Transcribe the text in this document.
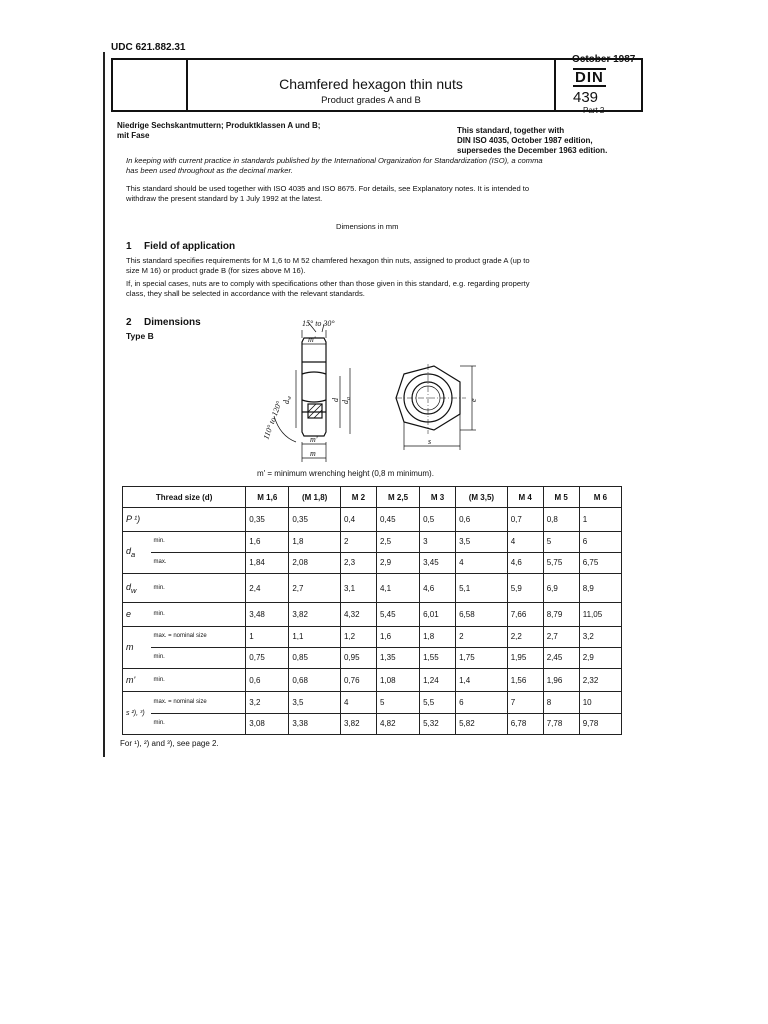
UDC 621.882.31
October 1987
Chamfered hexagon thin nuts
Product grades A and B
DIN
439
Part 2
Niedrige Sechskantmuttern; Produktklassen A und B;
mit Fase
This standard, together with
DIN ISO 4035, October 1987 edition,
supersedes the December 1963 edition.
In keeping with current practice in standards published by the International Organization for Standardization (ISO), a comma
has been used throughout as the decimal marker.
This standard should be used together with ISO 4035 and ISO 8675. For details, see Explanatory notes. It is intended to
withdraw the present standard by 1 July 1992 at the latest.
Dimensions in mm
1 Field of application
This standard specifies requirements for M 1,6 to M 52 chamfered hexagon thin nuts, assigned to product grade A (up to
size M 16) or product grade B (for sizes above M 16).
If, in special cases, nuts are to comply with specifications other than those given in this standard, e.g. regarding property
class, they shall be selected in accordance with the relevant standards.
2 Dimensions
Type B
15° to 30°
m'
m'
m
110° to 120°
$d_w$	d $d_a$	e
s
m' = minimum wrenching height (0,8 m minimum).
Thread size (d)		M 1,6	(M 1,8)	M 2	M 2,5	M 3	(M 3,5)	M 4	M 5	M 6
P ¹)		0,35	0,35	0,4	0,45	0,5	0,6	0,7	0,8	1
$d_a$	min.	1,6	1,8	2	2,5	3	3,5	4	5	6
	max.	1,84	2,08	2,3	2,9	3,45	4	4,6	5,75	6,75
$d_w$	min.	2,4	2,7	3,1	4,1	4,6	5,1	5,9	6,9	8,9
e	min.	3,48	3,82	4,32	5,45	6,01	6,58	7,66	8,79	11,05
m	max. = nominal size	1	1,1	1,2	1,6	1,8	2	2,2	2,7	3,2
	min.	0,75	0,85	0,95	1,35	1,55	1,75	1,95	2,45	2,9
m'	min.	0,6	0,68	0,76	1,08	1,24	1,4	1,56	1,96	2,32
s ²), ³)	max. = nominal size	3,2	3,5	4	5	5,5	6	7	8	10
	min.	3,08	3,38	3,82	4,82	5,32	5,82	6,78	7,78	9,78
For ¹), ²) and ³), see page 2.
